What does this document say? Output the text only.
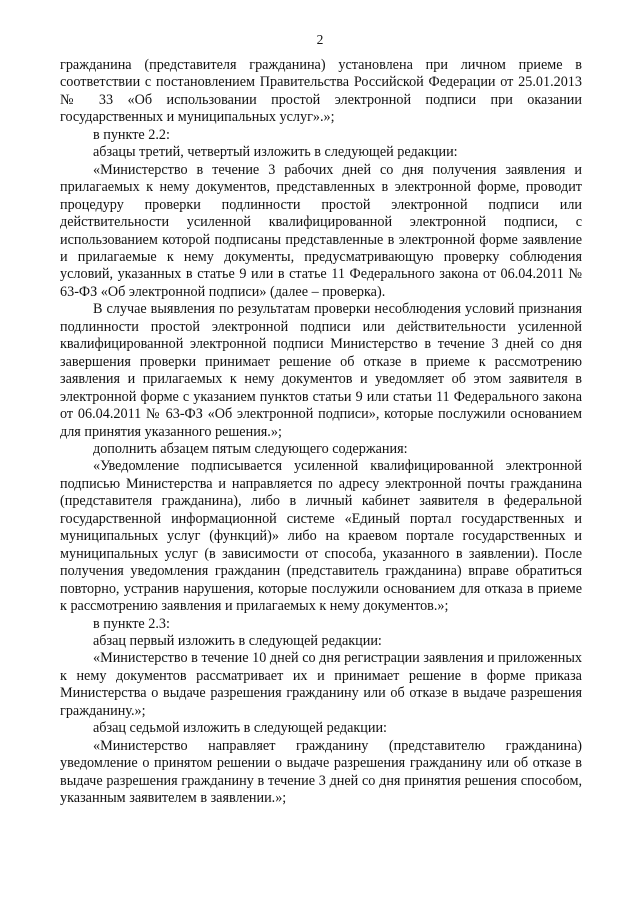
2

гражданина (представителя гражданина) установлена при личном приеме в соответствии с постановлением Правительства Российской Федерации от 25.01.2013 № 33 «Об использовании простой электронной подписи при оказании государственных и муниципальных услуг».»;

в пункте 2.2:

абзацы третий, четвертый изложить в следующей редакции:

«Министерство в течение 3 рабочих дней со дня получения заявления и прилагаемых к нему документов, представленных в электронной форме, проводит процедуру проверки подлинности простой электронной подписи или действительности усиленной квалифицированной электронной подписи, с использованием которой подписаны представленные в электронной форме заявление и прилагаемые к нему документы, предусматривающую проверку соблюдения условий, указанных в статье 9 или в статье 11 Федерального закона от 06.04.2011 № 63-ФЗ «Об электронной подписи» (далее – проверка).

В случае выявления по результатам проверки несоблюдения условий признания подлинности простой электронной подписи или действительности усиленной квалифицированной электронной подписи Министерство в течение 3 дней со дня завершения проверки принимает решение об отказе в приеме к рассмотрению заявления и прилагаемых к нему документов и уведомляет об этом заявителя в электронной форме с указанием пунктов статьи 9 или статьи 11 Федерального закона от 06.04.2011 № 63-ФЗ «Об электронной подписи», которые послужили основанием для принятия указанного решения.»;

дополнить абзацем пятым следующего содержания:

«Уведомление подписывается усиленной квалифицированной электронной подписью Министерства и направляется по адресу электронной почты гражданина (представителя гражданина), либо в личный кабинет заявителя в федеральной государственной информационной системе «Единый портал государственных и муниципальных услуг (функций)» либо на краевом портале государственных и муниципальных услуг (в зависимости от способа, указанного в заявлении). После получения уведомления гражданин (представитель гражданина) вправе обратиться повторно, устранив нарушения, которые послужили основанием для отказа в приеме к рассмотрению заявления и прилагаемых к нему документов.»;

в пункте 2.3:

абзац первый изложить в следующей редакции:

«Министерство в течение 10 дней со дня регистрации заявления и приложенных к нему документов рассматривает их и принимает решение в форме приказа Министерства о выдаче разрешения гражданину или об отказе в выдаче разрешения гражданину.»;

абзац седьмой изложить в следующей редакции:

«Министерство направляет гражданину (представителю гражданина) уведомление о принятом решении о выдаче разрешения гражданину или об отказе в выдаче разрешения гражданину в течение 3 дней со дня принятия решения способом, указанным заявителем в заявлении.»;
